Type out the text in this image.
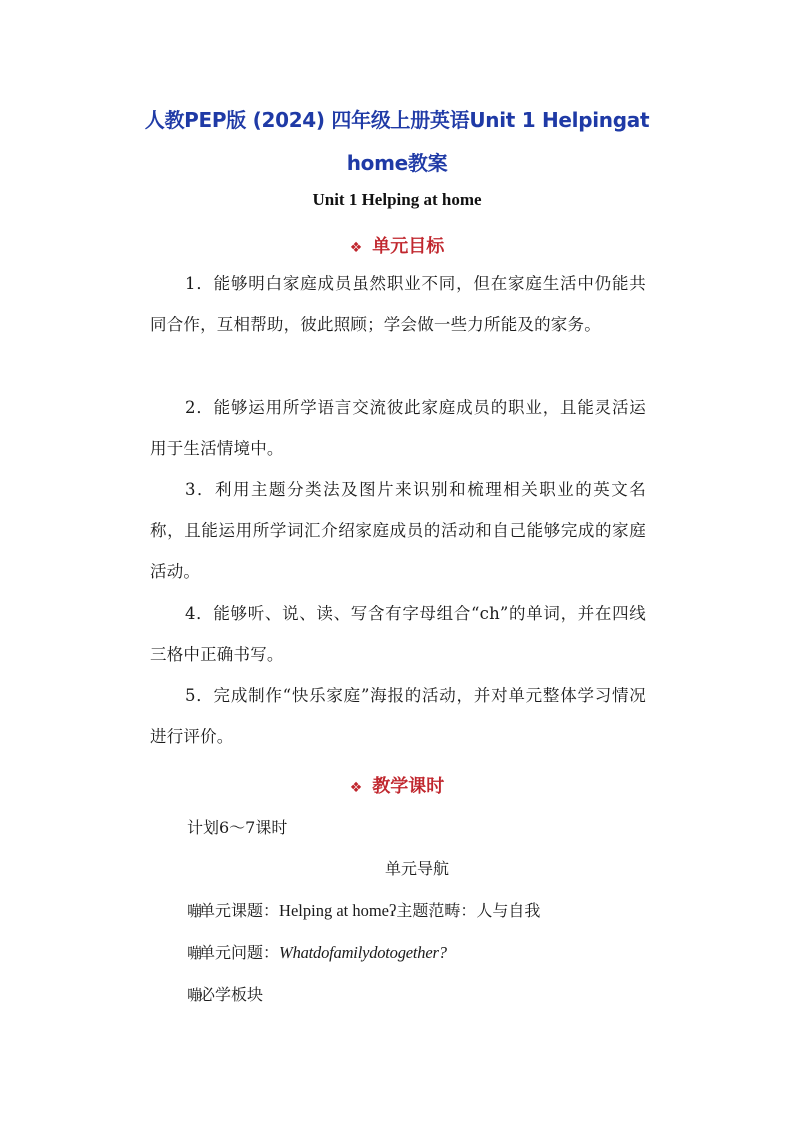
人教PEP版 (2024) 四年级上册英语Unit 1 Helpingat
home教案
Unit 1 Helping at home
❖ 单元目标
1．能够明白家庭成员虽然职业不同，但在家庭生活中仍能共同合作，互相帮助，彼此照顾；学会做一些力所能及的家务。
2．能够运用所学语言交流彼此家庭成员的职业，且能灵活运用于生活情境中。
3．利用主题分类法及图片来识别和梳理相关职业的英文名称，且能运用所学词汇介绍家庭成员的活动和自己能够完成的家庭活动。
4．能够听、说、读、写含有字母组合“ch”的单词，并在四线三格中正确书写。
5．完成制作“快乐家庭”海报的活动，并对单元整体学习情况进行评价。
❖ 教学课时
计划6～7课时
单元导航
嘣单元课题：Helping at homeʔ主题范畴：人与自我
嘣单元问题：Whatdofamilydotogether?
嘣必学板块
